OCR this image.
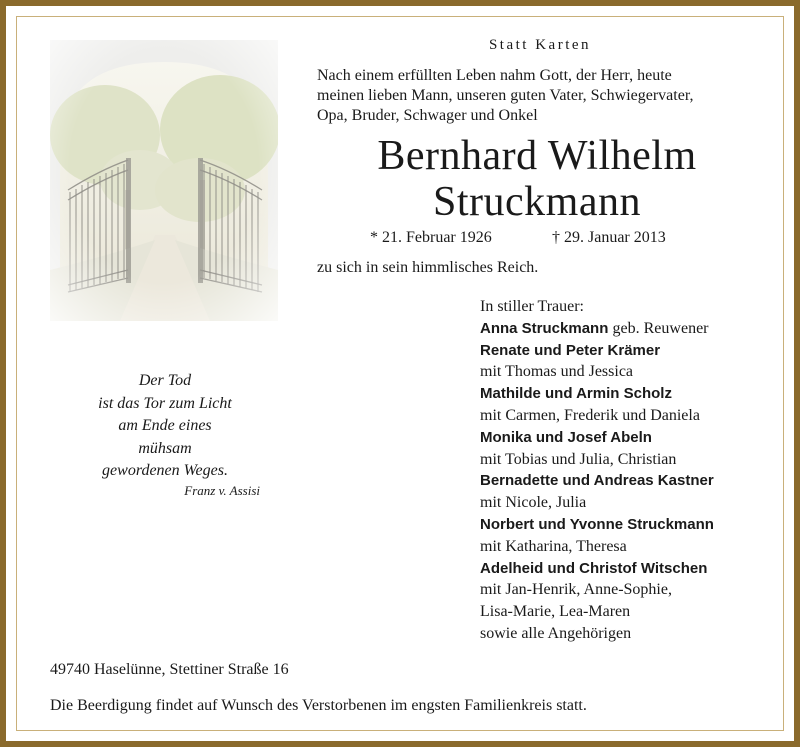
Der Tod
ist das Tor zum Licht
am Ende eines
mühsam
gewordenen Weges.
Franz v. Assisi
Statt Karten
Nach einem erfüllten Leben nahm Gott, der Herr, heute
meinen lieben Mann, unseren guten Vater, Schwiegervater,
Opa, Bruder, Schwager und Onkel
Bernhard Wilhelm
Struckmann
* 21. Februar 1926	† 29. Januar 2013
zu sich in sein himmlisches Reich.
In stiller Trauer:
Anna Struckmann geb. Reuwener
Renate und Peter Krämer
mit Thomas und Jessica
Mathilde und Armin Scholz
mit Carmen, Frederik und Daniela
Monika und Josef Abeln
mit Tobias und Julia, Christian
Bernadette und Andreas Kastner
mit Nicole, Julia
Norbert und Yvonne Struckmann
mit Katharina, Theresa
Adelheid und Christof Witschen
mit Jan-Henrik, Anne-Sophie,
Lisa-Marie, Lea-Maren
sowie alle Angehörigen
49740 Haselünne, Stettiner Straße 16
Die Beerdigung findet auf Wunsch des Verstorbenen im engsten Familienkreis statt.
